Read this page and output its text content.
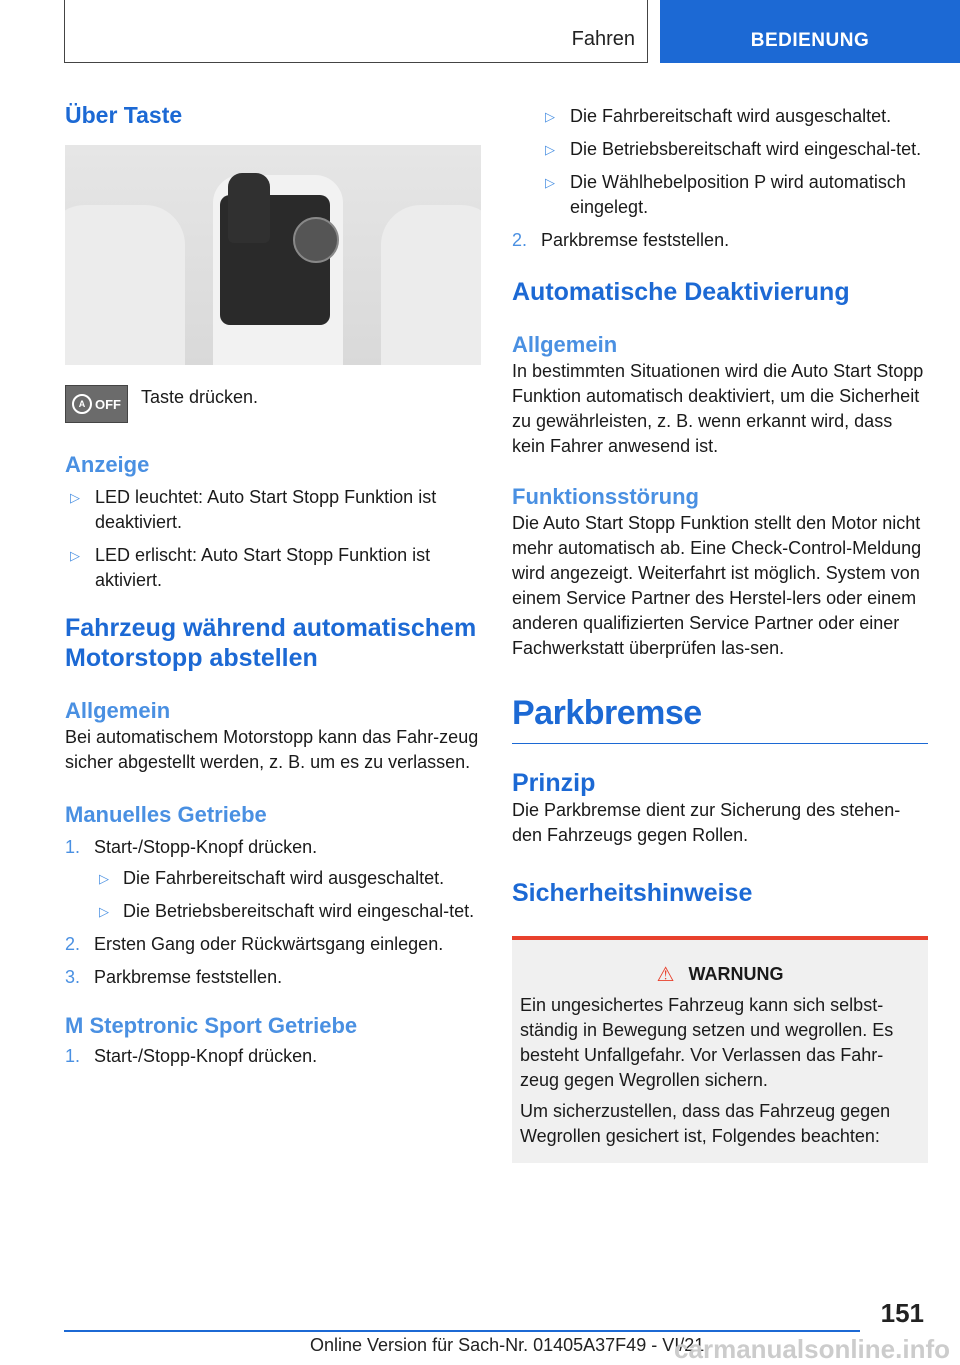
Fahren	BEDIENUNG
Über Taste
A OFF Taste drücken.
Anzeige
▷ LED leuchtet: Auto Start Stopp Funktion ist deaktiviert.
▷ LED erlischt: Auto Start Stopp Funktion ist aktiviert.
Fahrzeug während automatischem Motorstopp abstellen
Allgemein

Bei automatischem Motorstopp kann das Fahr‐zeug sicher abgestellt werden, z. B. um es zu verlassen.

Manuelles Getriebe
1. Start-/Stopp-Knopf drücken.
▷ Die Fahrbereitschaft wird ausgeschaltet.
▷ Die Betriebsbereitschaft wird eingeschal‐tet.
2. Ersten Gang oder Rückwärtsgang einlegen.
3. Parkbremse feststellen.
M Steptronic Sport Getriebe
1. Start-/Stopp-Knopf drücken.
▷ Die Fahrbereitschaft wird ausgeschaltet.
▷ Die Betriebsbereitschaft wird eingeschal‐tet.
▷ Die Wählhebelposition P wird automatisch eingelegt.
2. Parkbremse feststellen.
Automatische Deaktivierung
Allgemein

In bestimmten Situationen wird die Auto Start Stopp Funktion automatisch deaktiviert, um die Sicherheit zu gewährleisten, z. B. wenn erkannt wird, dass kein Fahrer anwesend ist.

Funktionsstörung

Die Auto Start Stopp Funktion stellt den Motor nicht mehr automatisch ab. Eine Check-Control-Meldung wird angezeigt. Weiterfahrt ist möglich. System von einem Service Partner des Herstel‐lers oder einem anderen qualifizierten Service Partner oder einer Fachwerkstatt überprüfen las‐sen.

Parkbremse
Prinzip

Die Parkbremse dient zur Sicherung des stehen‐den Fahrzeugs gegen Rollen.

Sicherheitshinweise
⚠ WARNUNG

Ein ungesichertes Fahrzeug kann sich selbst‐ständig in Bewegung setzen und wegrollen. Es besteht Unfallgefahr. Vor Verlassen das Fahr‐zeug gegen Wegrollen sichern.

Um sicherzustellen, dass das Fahrzeug gegen Wegrollen gesichert ist, Folgendes beachten:

151
Online Version für Sach-Nr. 01405A37F49 - VI/21
carmanualsonline.info
